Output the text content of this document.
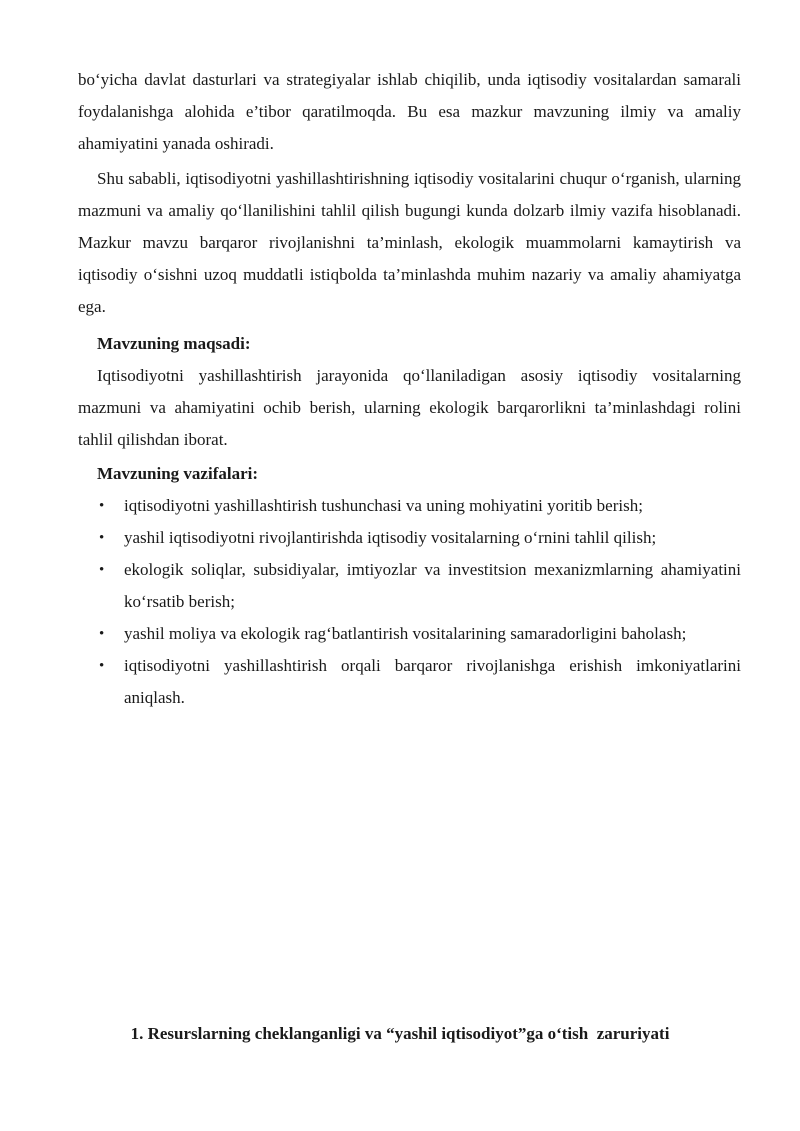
bo‘yicha davlat dasturlari va strategiyalar ishlab chiqilib, unda iqtisodiy vositalardan samarali foydalanishga alohida e’tibor qaratilmoqda. Bu esa mazkur mavzuning ilmiy va amaliy ahamiyatini yanada oshiradi.

Shu sababli, iqtisodiyotni yashillashtirishning iqtisodiy vositalarini chuqur o‘rganish, ularning mazmuni va amaliy qo‘llanilishini tahlil qilish bugungi kunda dolzarb ilmiy vazifa hisoblanadi. Mazkur mavzu barqaror rivojlanishni ta’minlash, ekologik muammolarni kamaytirish va iqtisodiy o‘sishni uzoq muddatli istiqbolda ta’minlashda muhim nazariy va amaliy ahamiyatga ega.

Mavzuning maqsadi:

Iqtisodiyotni yashillashtirish jarayonida qo‘llaniladigan asosiy iqtisodiy vositalarning mazmuni va ahamiyatini ochib berish, ularning ekologik barqarorlikni ta’minlashdagi rolini tahlil qilishdan iborat.

Mavzuning vazifalari:

• iqtisodiyotni yashillashtirish tushunchasi va uning mohiyatini yoritib berish;
• yashil iqtisodiyotni rivojlantirishda iqtisodiy vositalarning o‘rnini tahlil qilish;
• ekologik soliqlar, subsidiyalar, imtiyozlar va investitsion mexanizmlarning ahamiyatini ko‘rsatib berish;
• yashil moliya va ekologik rag‘batlantirish vositalarining samaradorligini baholash;
• iqtisodiyotni yashillashtirish orqali barqaror rivojlanishga erishish imkoniyatlarini aniqlash.
1. Resurslarning cheklanganligi va “yashil iqtisodiyot”ga o‘tish  zaruriyati
